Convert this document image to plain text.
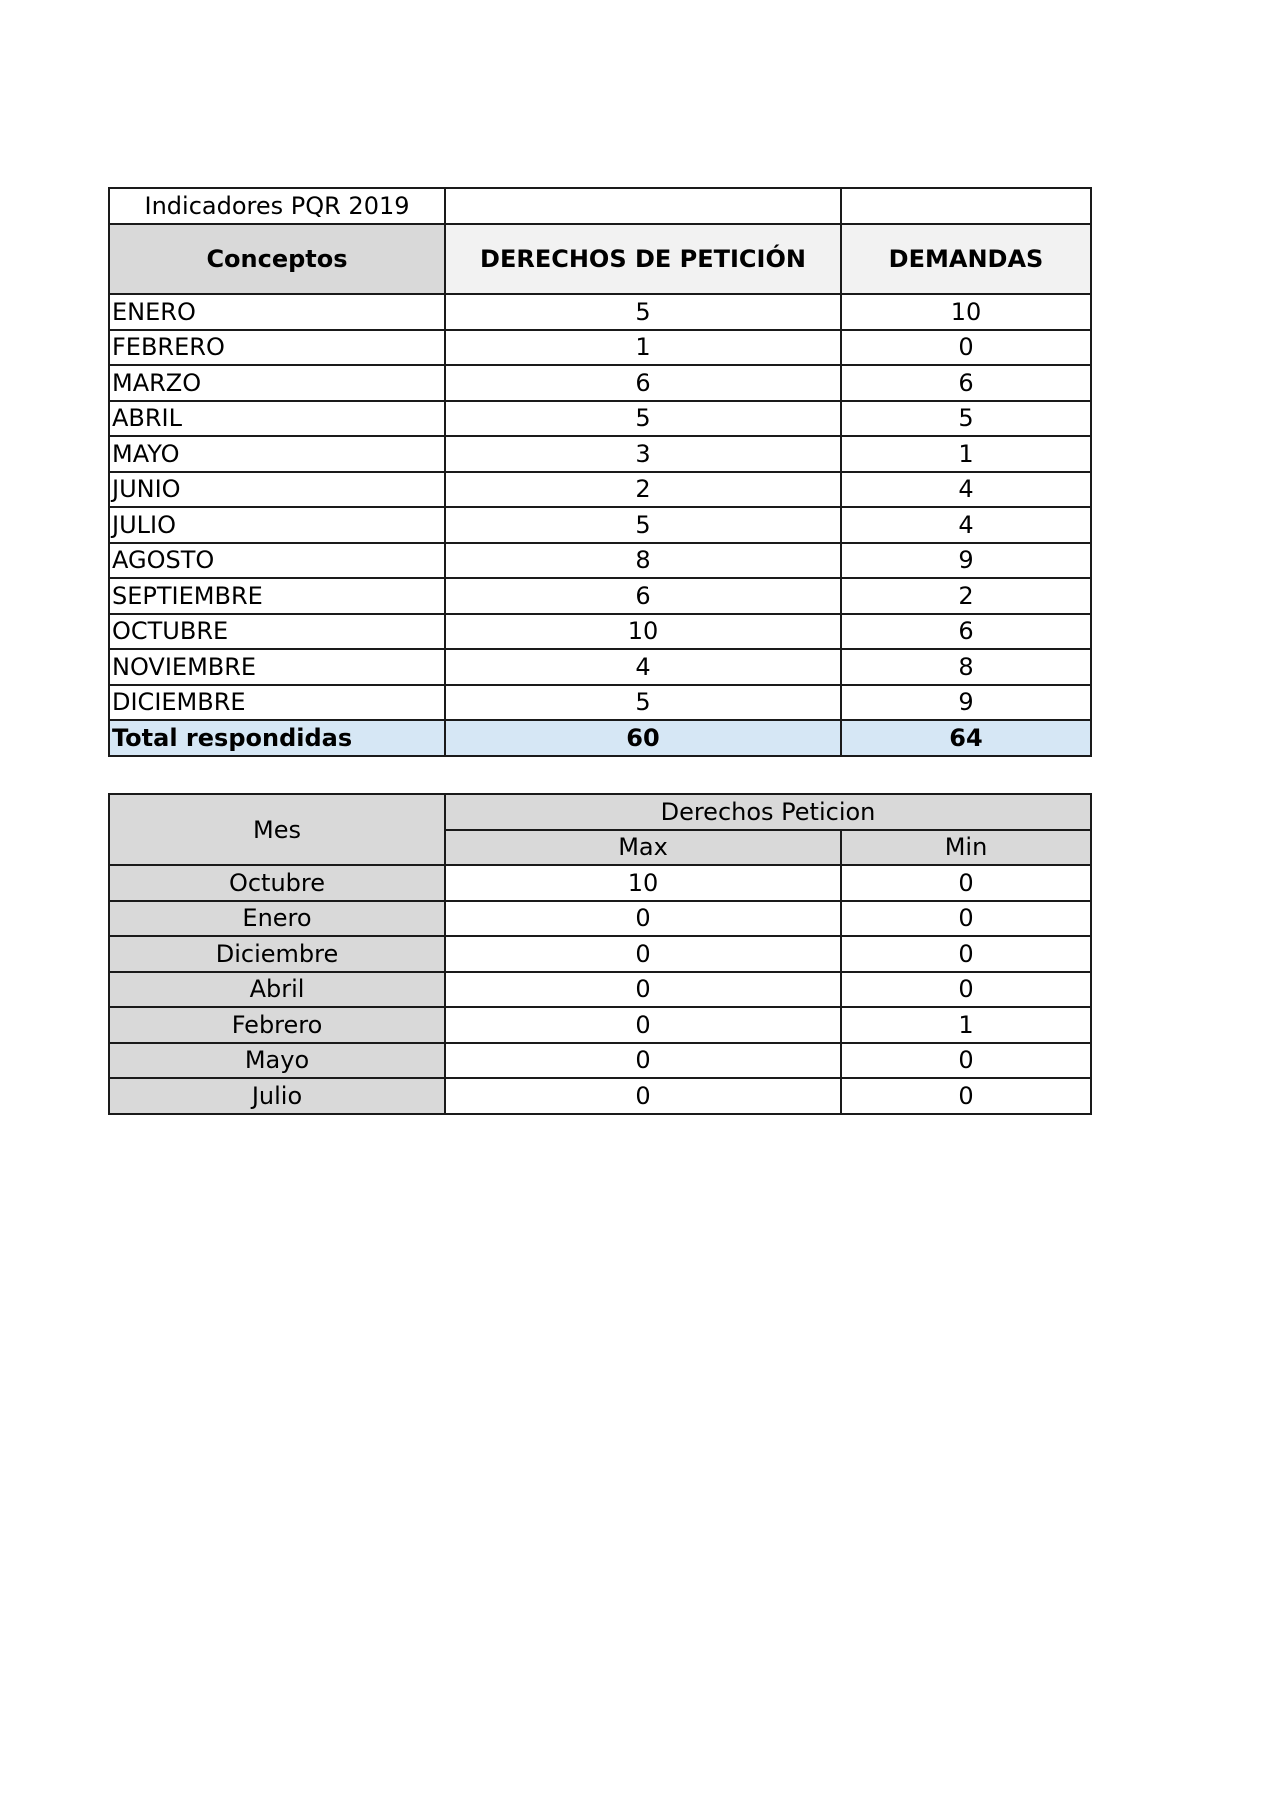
Indicadores PQR 2019		
Conceptos	DERECHOS DE PETICIÓN	DEMANDAS
ENERO	5	10
FEBRERO	1	0
MARZO	6	6
ABRIL	5	5
MAYO	3	1
JUNIO	2	4
JULIO	5	4
AGOSTO	8	9
SEPTIEMBRE	6	2
OCTUBRE	10	6
NOVIEMBRE	4	8
DICIEMBRE	5	9
Total respondidas	60	64
Mes	Derechos Peticion	
	Max	Min
Octubre	10	0
Enero	0	0
Diciembre	0	0
Abril	0	0
Febrero	0	1
Mayo	0	0
Julio	0	0
